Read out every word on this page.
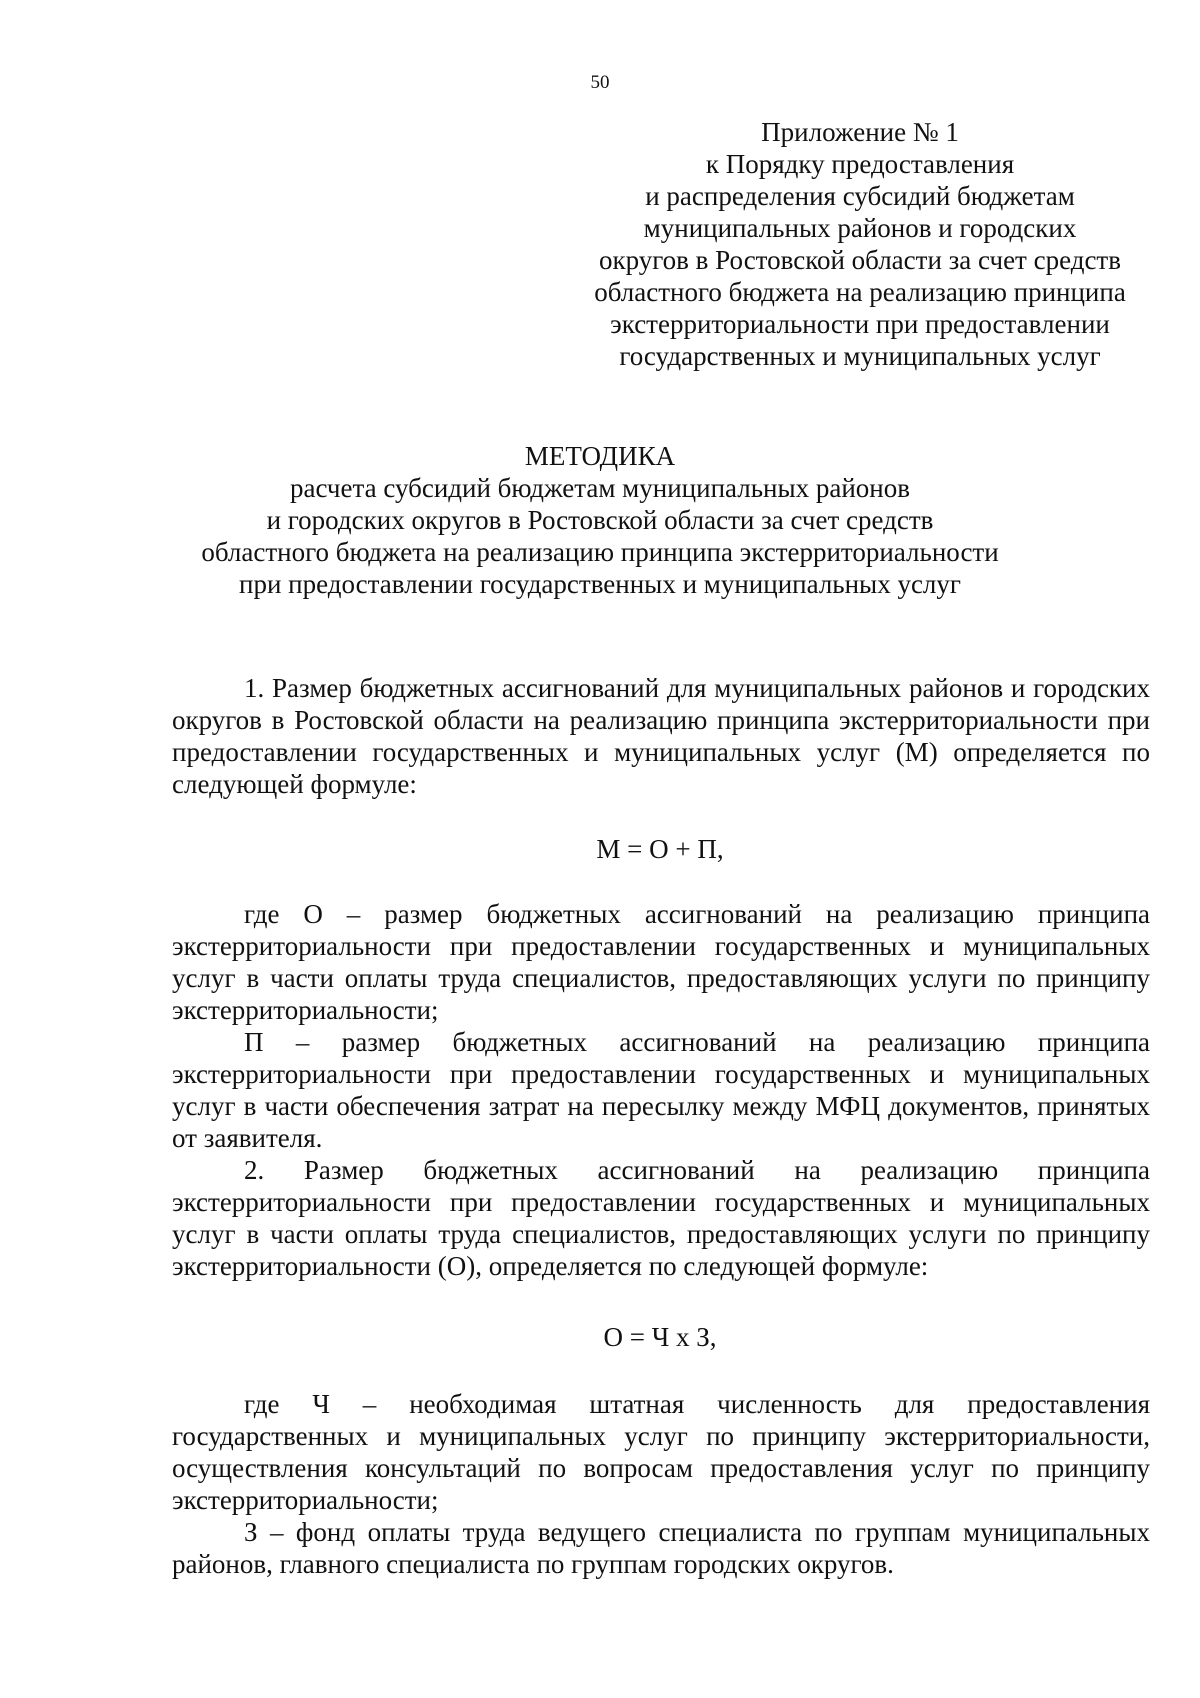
50
Приложение № 1
к Порядку предоставления
и распределения субсидий бюджетам
муниципальных районов и городских
округов в Ростовской области за счет средств
областного бюджета на реализацию принципа
экстерриториальности при предоставлении
государственных и муниципальных услуг
МЕТОДИКА
расчета субсидий бюджетам муниципальных районов
и городских округов в Ростовской области за счет средств
областного бюджета на реализацию принципа экстерриториальности
при предоставлении государственных и муниципальных услуг

1. Размер бюджетных ассигнований для муниципальных районов и городских округов в Ростовской области на реализацию принципа экстерриториальности при предоставлении государственных и муниципальных услуг (М) определяется по следующей формуле:

М = О + П,

где О – размер бюджетных ассигнований на реализацию принципа экстерриториальности при предоставлении государственных и муниципальных услуг в части оплаты труда специалистов, предоставляющих услуги по принципу экстерриториальности;

П – размер бюджетных ассигнований на реализацию принципа экстерриториальности при предоставлении государственных и муниципальных услуг в части обеспечения затрат на пересылку между МФЦ документов, принятых от заявителя.

2. Размер бюджетных ассигнований на реализацию принципа экстерриториальности при предоставлении государственных и муниципальных услуг в части оплаты труда специалистов, предоставляющих услуги по принципу экстерриториальности (О), определяется по следующей формуле:

О = Ч х З,

где Ч – необходимая штатная численность для предоставления государственных и муниципальных услуг по принципу экстерриториальности, осуществления консультаций по вопросам предоставления услуг по принципу экстерриториальности;

З – фонд оплаты труда ведущего специалиста по группам муниципальных районов, главного специалиста по группам городских округов.
